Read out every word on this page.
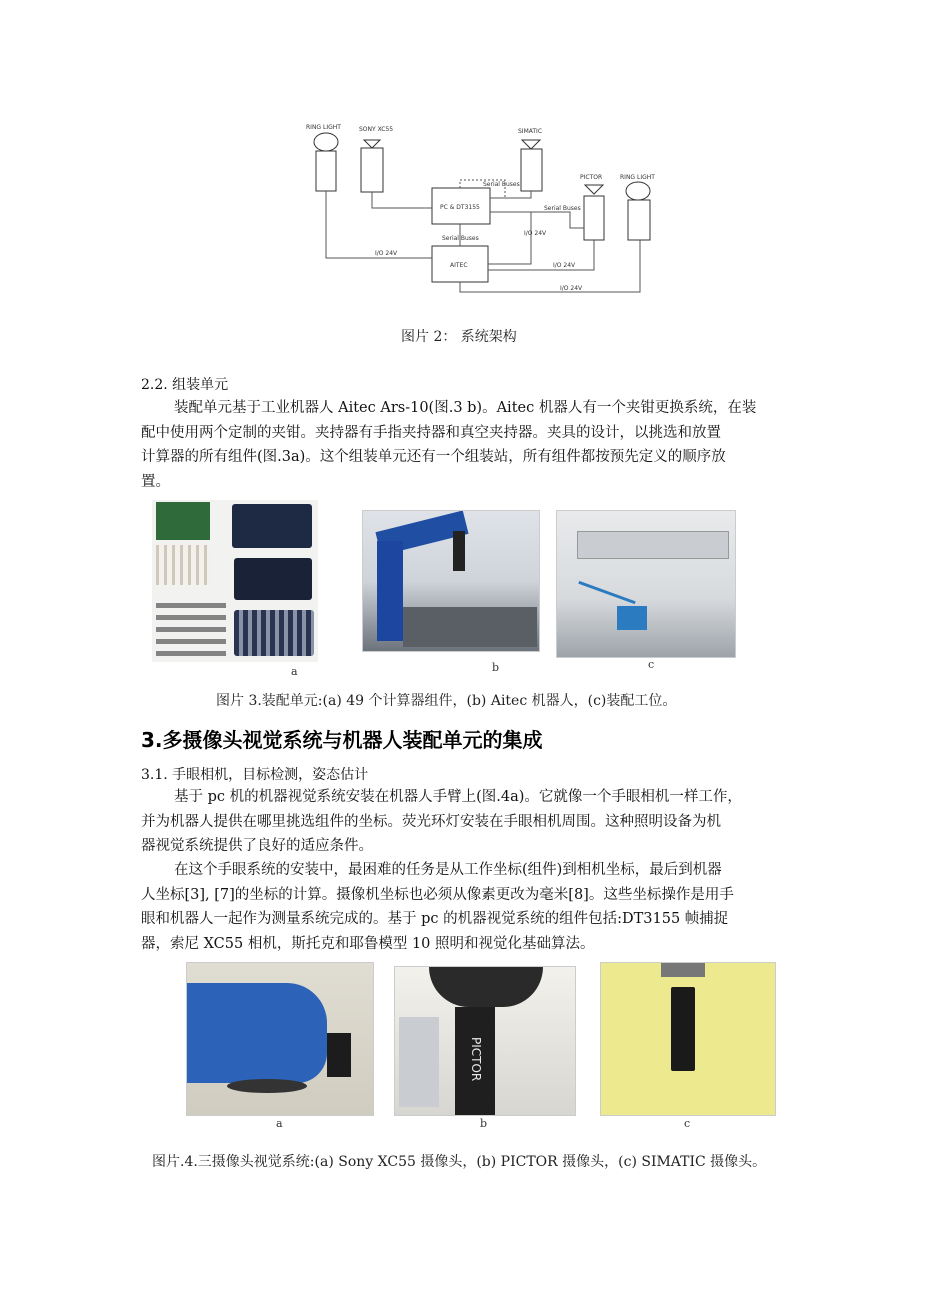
RING LIGHT	SONY XC55	SIMATIC
PICTOR	RING LIGHT
PC & DT3155
AITEC
Serial Buses
Serial Buses
Serial Buses
I/O 24V
I/O 24V
I/O 24V
I/O 24V
图片 2： 系统架构
2.2. 组装单元
装配单元基于工业机器人 Aitec Ars-10(图.3 b)。Aitec 机器人有一个夹钳更换系统，在装
配中使用两个定制的夹钳。夹持器有手指夹持器和真空夹持器。夹具的设计，以挑选和放置
计算器的所有组件(图.3a)。这个组装单元还有一个组装站，所有组件都按预先定义的顺序放
置。
a	b	c
图片 3.装配单元:(a) 49 个计算器组件，(b) Aitec 机器人，(c)装配工位。
3.多摄像头视觉系统与机器人装配单元的集成
3.1. 手眼相机，目标检测，姿态估计
基于 pc 机的机器视觉系统安装在机器人手臂上(图.4a)。它就像一个手眼相机一样工作，
并为机器人提供在哪里挑选组件的坐标。荧光环灯安装在手眼相机周围。这种照明设备为机
器视觉系统提供了良好的适应条件。
在这个手眼系统的安装中，最困难的任务是从工作坐标(组件)到相机坐标，最后到机器
人坐标[3], [7]的坐标的计算。摄像机坐标也必须从像素更改为毫米[8]。这些坐标操作是用手
眼和机器人一起作为测量系统完成的。基于 pc 的机器视觉系统的组件包括:DT3155 帧捕捉
器，索尼 XC55 相机，斯托克和耶鲁模型 10 照明和视觉化基础算法。
a
PICTOR
b	c
图片.4.三摄像头视觉系统:(a) Sony XC55 摄像头，(b) PICTOR 摄像头，(c) SIMATIC 摄像头。
